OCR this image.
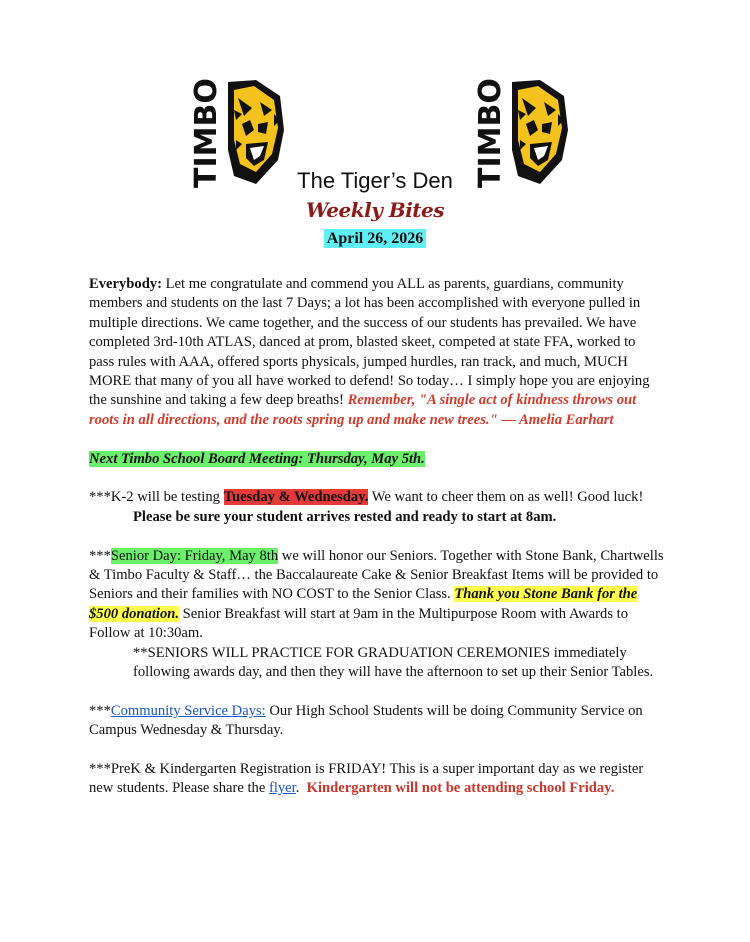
TIMBO	TIMBO
The Tiger’s Den
Weekly Bites
April 26, 2026

Everybody: Let me congratulate and commend you ALL as parents, guardians, community members and students on the last 7 Days; a lot has been accomplished with everyone pulled in multiple directions. We came together, and the success of our students has prevailed. We have completed 3rd-10th ATLAS, danced at prom, blasted skeet, competed at state FFA, worked to pass rules with AAA, offered sports physicals, jumped hurdles, ran track, and much, MUCH MORE that many of you all have worked to defend! So today… I simply hope you are enjoying the sunshine and taking a few deep breaths! Remember, "A single act of kindness throws out roots in all directions, and the roots spring up and make new trees." — Amelia Earhart

Next Timbo School Board Meeting: Thursday, May 5th.

***K-2 will be testing Tuesday & Wednesday. We want to cheer them on as well! Good luck!

Please be sure your student arrives rested and ready to start at 8am.

***Senior Day: Friday, May 8th we will honor our Seniors. Together with Stone Bank, Chartwells & Timbo Faculty & Staff… the Baccalaureate Cake & Senior Breakfast Items will be provided to Seniors and their families with NO COST to the Senior Class. Thank you Stone Bank for the $500 donation. Senior Breakfast will start at 9am in the Multipurpose Room with Awards to Follow at 10:30am.
**SENIORS WILL PRACTICE FOR GRADUATION CEREMONIES immediately following awards day, and then they will have the afternoon to set up their Senior Tables.

***Community Service Days: Our High School Students will be doing Community Service on Campus Wednesday & Thursday.

***PreK & Kindergarten Registration is FRIDAY! This is a super important day as we register new students. Please share the flyer.  Kindergarten will not be attending school Friday.
